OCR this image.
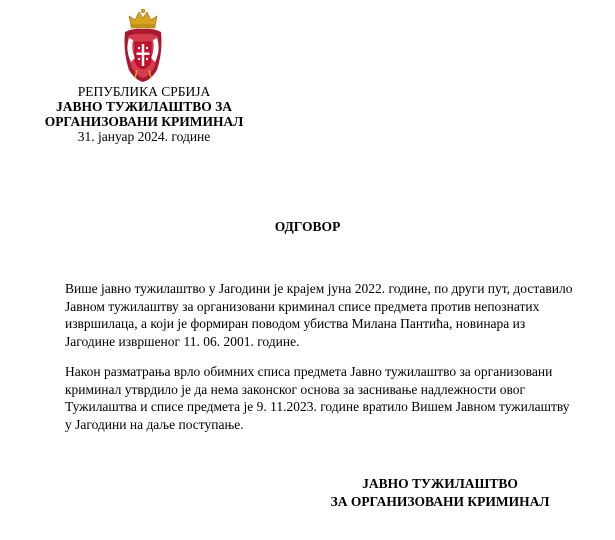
РЕПУБЛИКА СРБИЈА
ЈАВНО ТУЖИЛАШТВО ЗА
ОРГАНИЗОВАНИ КРИМИНАЛ
31. јануар 2024. године
ОДГОВОР

Више јавно тужилаштво у Јагодини је крајем јуна 2022. године, по други пут, доставило Јавном тужилаштву за организовани криминал списе предмета против непознатих извршилаца, а који је формиран поводом убиства Милана Пантића, новинара из Јагодине извршеног 11. 06. 2001. године.

Након разматрања врло обимних списа предмета Јавно тужилаштво за организовани криминал утврдило је да нема законског основа за заснивање надлежности овог Тужилаштва и списе предмета је 9. 11.2023. године вратило Вишем Јавном тужилаштву у Јагодини на даље поступање.

ЈАВНО ТУЖИЛАШТВО
ЗА ОРГАНИЗОВАНИ КРИМИНАЛ
